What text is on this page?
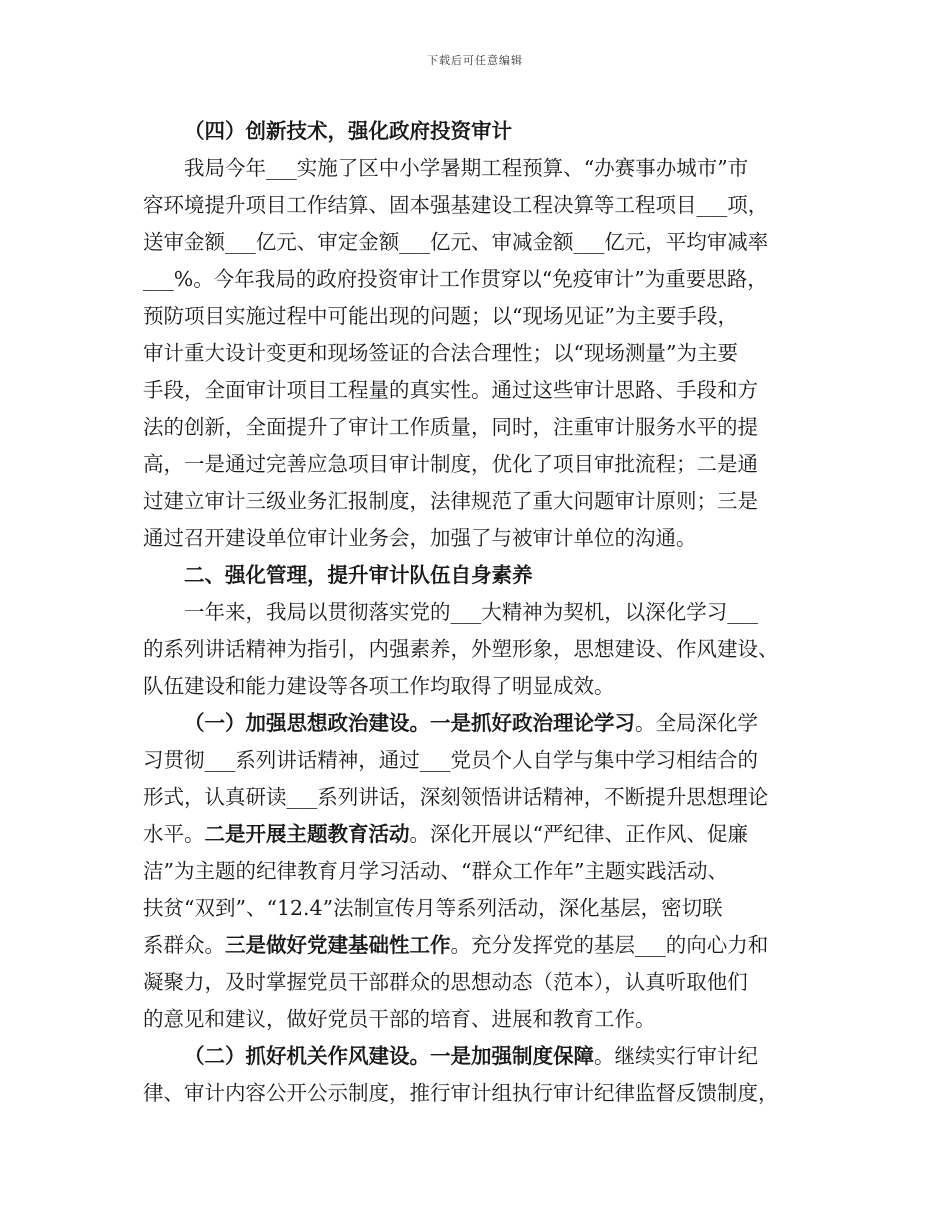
下载后可任意编辑
（四）创新技术，强化政府投资审计
我局今年___实施了区中小学暑期工程预算、“办赛事办城市”市
容环境提升项目工作结算、固本强基建设工程决算等工程项目___项，
送审金额___亿元、审定金额___亿元、审减金额___亿元，平均审减率
___%。今年我局的政府投资审计工作贯穿以“免疫审计”为重要思路，
预防项目实施过程中可能出现的问题；以“现场见证”为主要手段，
审计重大设计变更和现场签证的合法合理性；以“现场测量”为主要
手段，全面审计项目工程量的真实性。通过这些审计思路、手段和方
法的创新，全面提升了审计工作质量，同时，注重审计服务水平的提
高，一是通过完善应急项目审计制度，优化了项目审批流程；二是通
过建立审计三级业务汇报制度，法律规范了重大问题审计原则；三是
通过召开建设单位审计业务会，加强了与被审计单位的沟通。
二、强化管理，提升审计队伍自身素养
一年来，我局以贯彻落实党的___大精神为契机，以深化学习___
的系列讲话精神为指引，内强素养，外塑形象，思想建设、作风建设、
队伍建设和能力建设等各项工作均取得了明显成效。
（一）加强思想政治建设。一是抓好政治理论学习。全局深化学
习贯彻___系列讲话精神，通过___党员个人自学与集中学习相结合的
形式，认真研读___系列讲话，深刻领悟讲话精神，不断提升思想理论
水平。二是开展主题教育活动。深化开展以“严纪律、正作风、促廉
洁”为主题的纪律教育月学习活动、“群众工作年”主题实践活动、
扶贫“双到”、“12.4”法制宣传月等系列活动，深化基层，密切联
系群众。三是做好党建基础性工作。充分发挥党的基层___的向心力和
凝聚力，及时掌握党员干部群众的思想动态（范本），认真听取他们
的意见和建议，做好党员干部的培育、进展和教育工作。
（二）抓好机关作风建设。一是加强制度保障。继续实行审计纪
律、审计内容公开公示制度，推行审计组执行审计纪律监督反馈制度，
